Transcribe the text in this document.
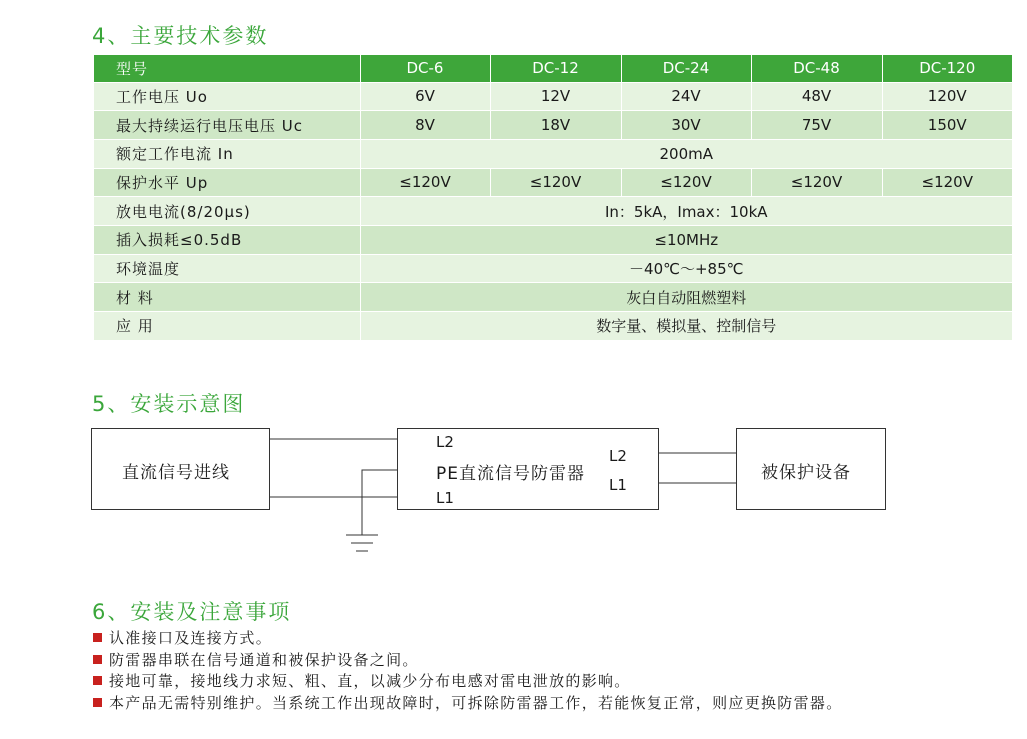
4、主要技术参数
型号	DC-6	DC-12	DC-24	DC-48	DC-120
工作电压 Uo	6V	12V	24V	48V	120V
最大持续运行电压电压 Uc	8V	18V	30V	75V	150V
额定工作电流 In	200mA				
保护水平 Up	≤120V	≤120V	≤120V	≤120V	≤120V
放电电流(8/20μs)	In：5kA，Imax：10kA				
插入损耗≤0.5dB	≤10MHz				
环境温度	－40℃～+85℃				
材 料	灰白自动阻燃塑料				
应 用	数字量、模拟量、控制信号				
5、安装示意图
直流信号进线
L2
PE直流信号防雷器
L1
L2
L1
被保护设备
6、安装及注意事项
认准接口及连接方式。
防雷器串联在信号通道和被保护设备之间。
接地可靠，接地线力求短、粗、直，以减少分布电感对雷电泄放的影响。
本产品无需特别维护。当系统工作出现故障时，可拆除防雷器工作，若能恢复正常，则应更换防雷器。
